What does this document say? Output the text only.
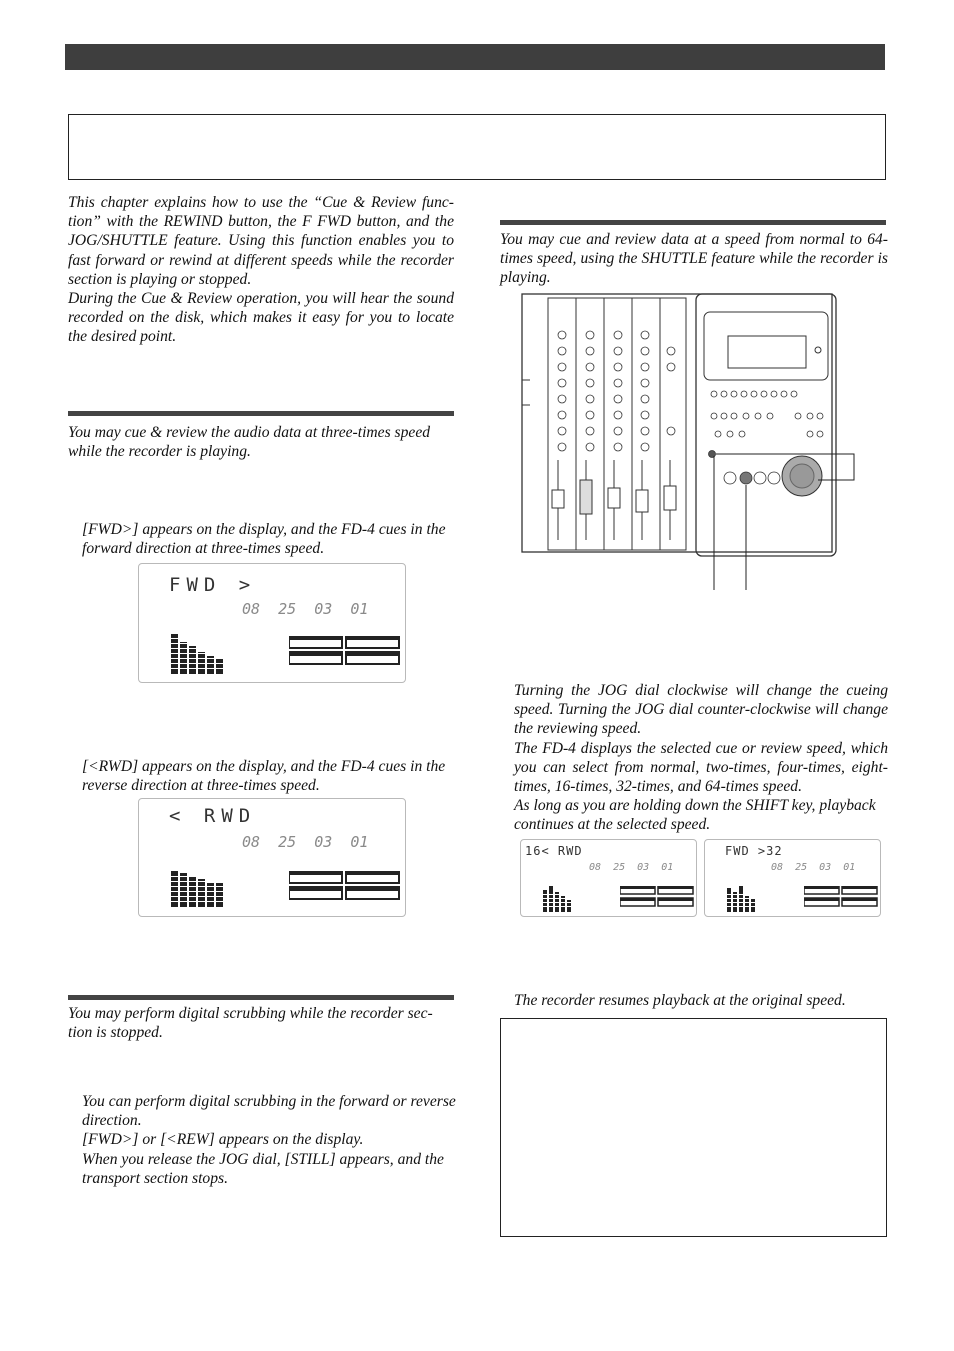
This chapter explains how to use the “Cue & Review func- tion” with the REWIND button, the F FWD button, and the JOG/SHUTTLE feature. Using this function enables you to fast forward or rewind at different speeds while the recorder section is playing or stopped.

During the Cue & Review operation, you will hear the sound recorded on the disk, which makes it easy for you to locate the desired point.

You may cue & review the audio data at three-times speed while the recorder is playing.

[FWD>] appears on the display, and the FD-4 cues in the forward direction at three-times speed.

FWD >
08  25  03  01

[<RWD] appears on the display, and the FD-4 cues in the reverse direction at three-times speed.

< RWD
08  25  03  01

You may perform digital scrubbing while the recorder sec- tion is stopped.

You can perform digital scrubbing in the forward or reverse direction.

[FWD>] or [<REW] appears on the display.

When you release the JOG dial, [STILL] appears, and the transport section stops.

You may cue and review data at a speed from normal to 64- times speed, using the SHUTTLE feature while the recorder is playing.

Turning the JOG dial clockwise will change the cueing speed. Turning the JOG dial counter-clockwise will change the reviewing speed.

The FD-4 displays the selected cue or review speed, which you can select from normal, two-times, four-times, eight- times, 16-times, 32-times, and 64-times speed.

As long as you are holding down the SHIFT key, playback continues at the selected speed.

16< RWD
08  25  03  01
FWD >32
08  25  03  01

The recorder resumes playback at the original speed.
